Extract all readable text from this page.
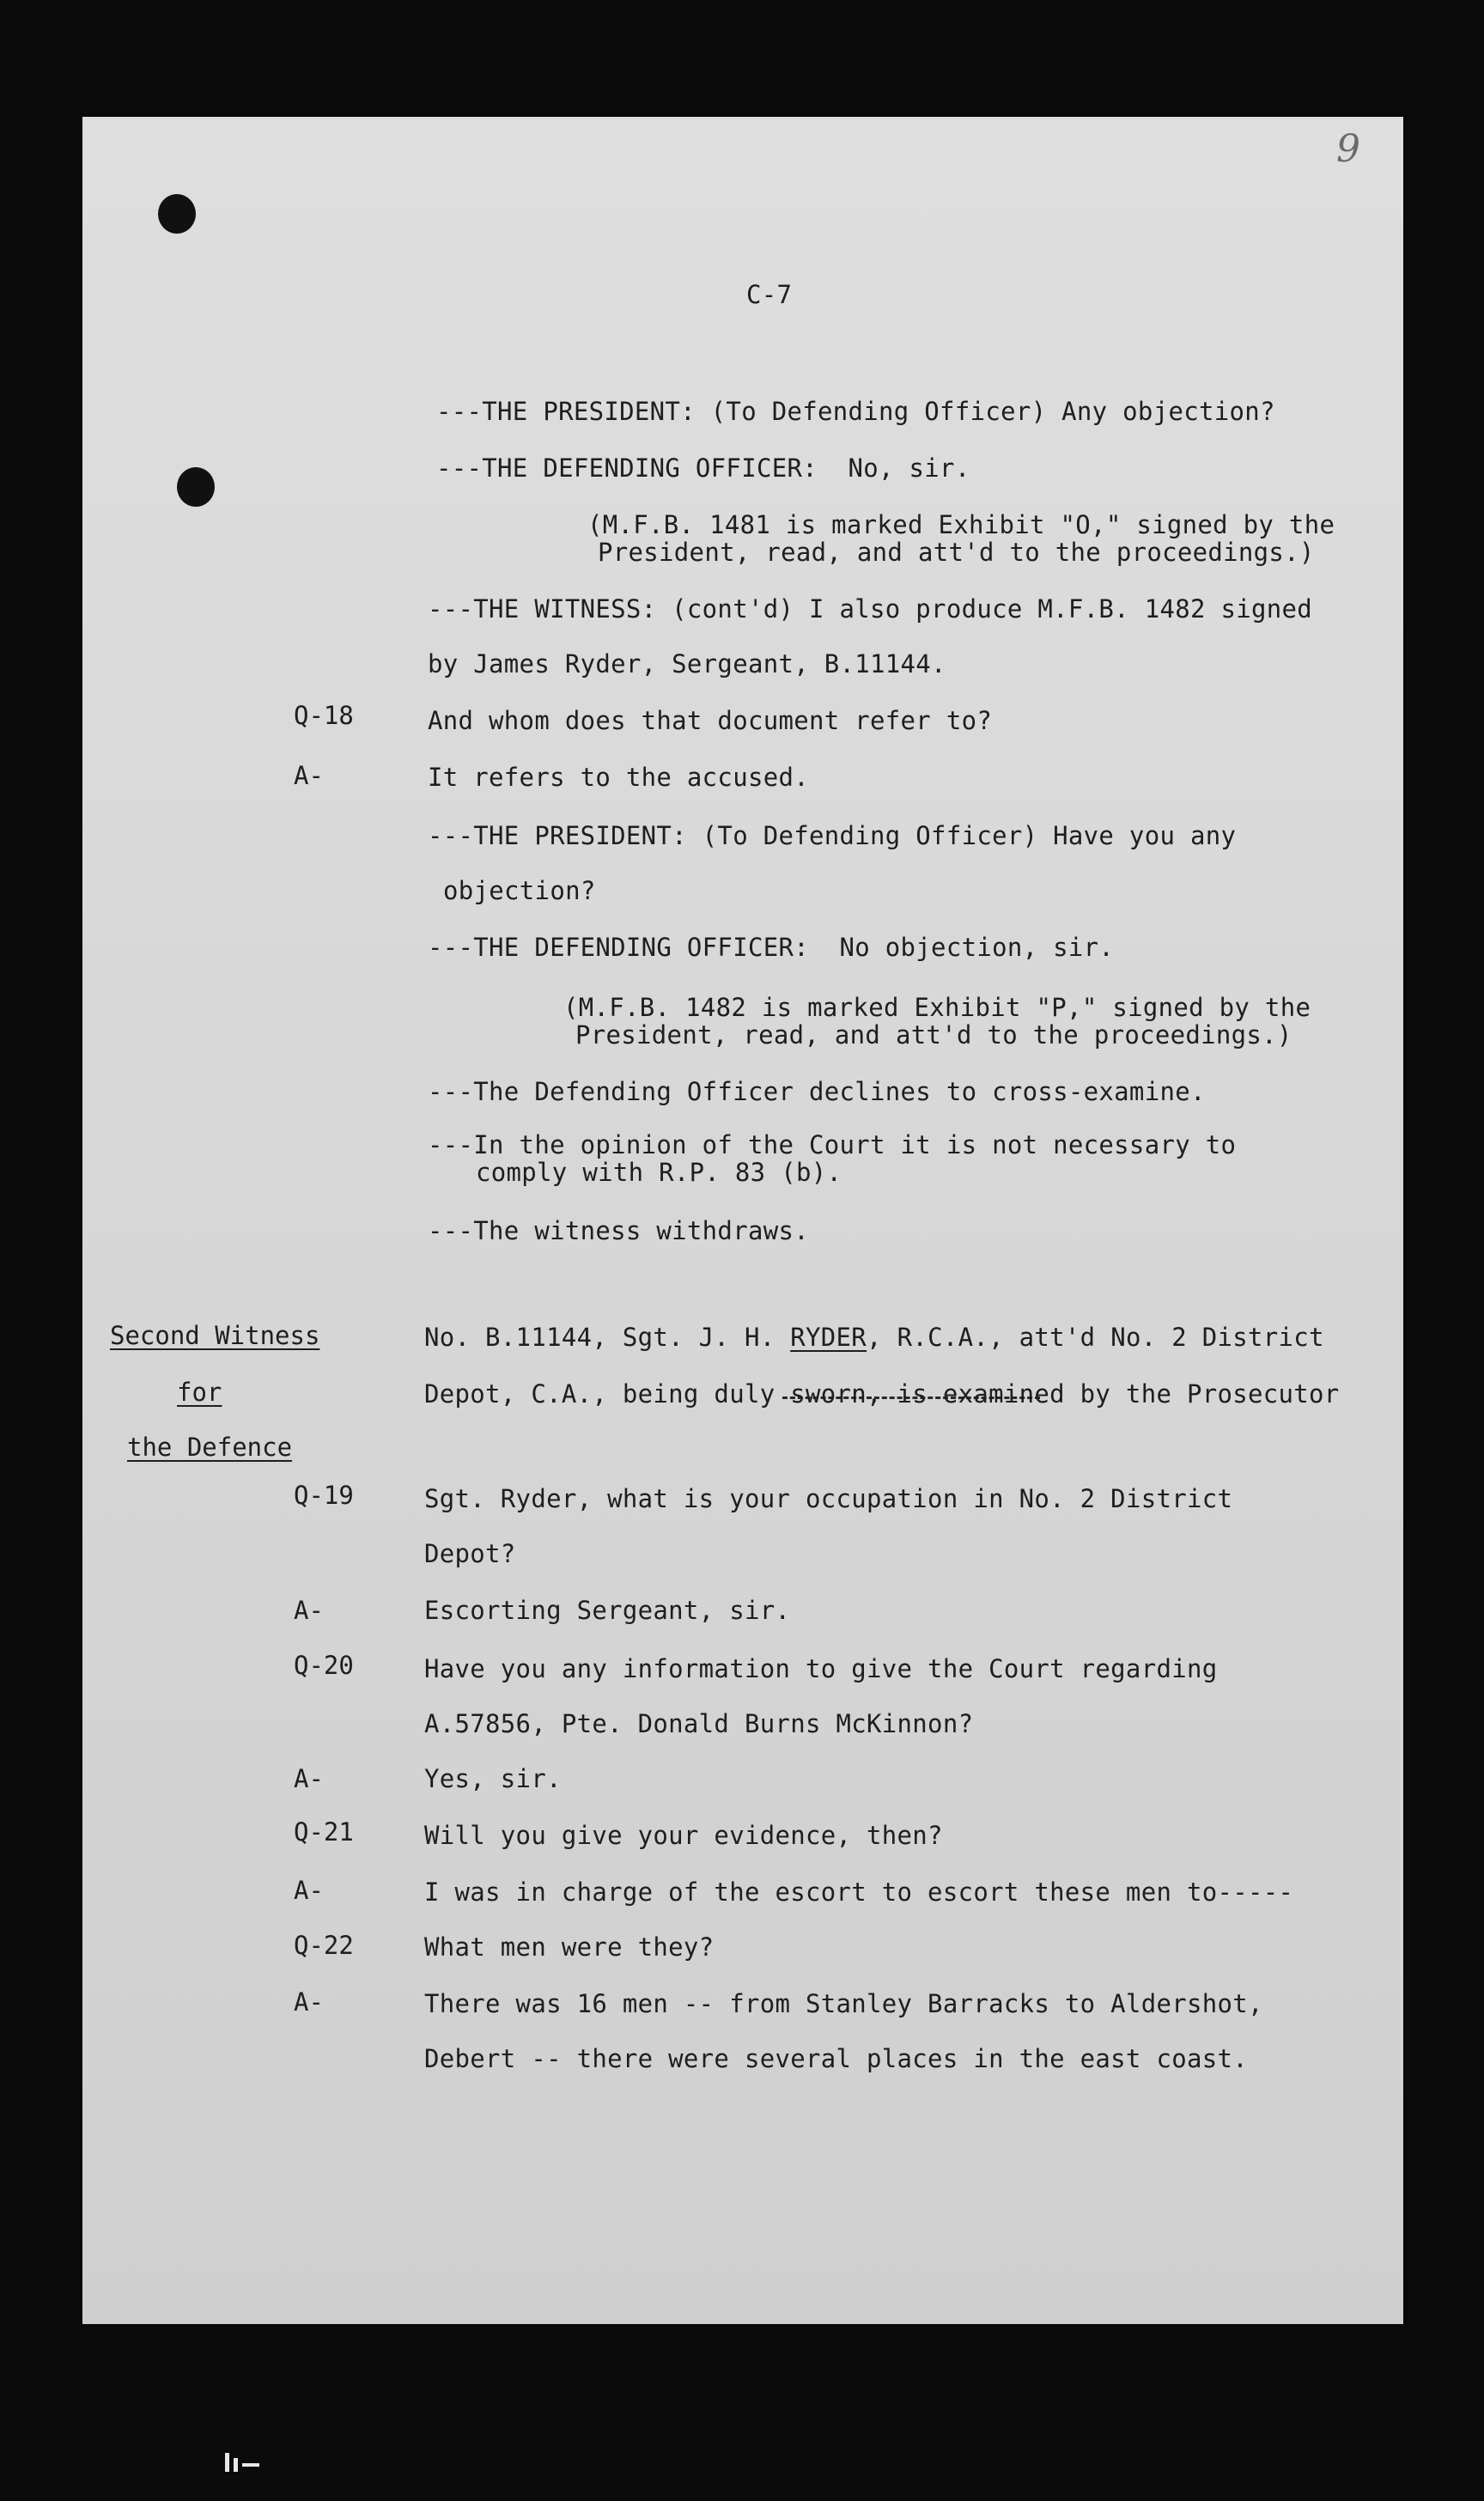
9
C-7
---THE PRESIDENT: (To Defending Officer) Any objection?
---THE DEFENDING OFFICER:  No, sir.
(M.F.B. 1481 is marked Exhibit "O," signed by the
President, read, and att'd to the proceedings.)
---THE WITNESS: (cont'd) I also produce M.F.B. 1482 signed
by James Ryder, Sergeant, B.11144.
Q-18	And whom does that document refer to?
A-	It refers to the accused.
---THE PRESIDENT: (To Defending Officer) Have you any
objection?
---THE DEFENDING OFFICER:  No objection, sir.
(M.F.B. 1482 is marked Exhibit "P," signed by the
President, read, and att'd to the proceedings.)
---The Defending Officer declines to cross-examine.
---In the opinion of the Court it is not necessary to
comply with R.P. 83 (b).
---The witness withdraws.
Second Witness
for
the Defence
No. B.11144, Sgt. J. H. RYDER, R.C.A., att'd No. 2 District
Depot, C.A., being duly sworn, is examined by the Prosecutor
Q-19	Sgt. Ryder, what is your occupation in No. 2 District
Depot?
A-	Escorting Sergeant, sir.
Q-20	Have you any information to give the Court regarding
A.57856, Pte. Donald Burns McKinnon?
A-	Yes, sir.
Q-21	Will you give your evidence, then?
A-	I was in charge of the escort to escort these men to-----
Q-22	What men were they?
A-	There was 16 men -- from Stanley Barracks to Aldershot,
Debert -- there were several places in the east coast.
